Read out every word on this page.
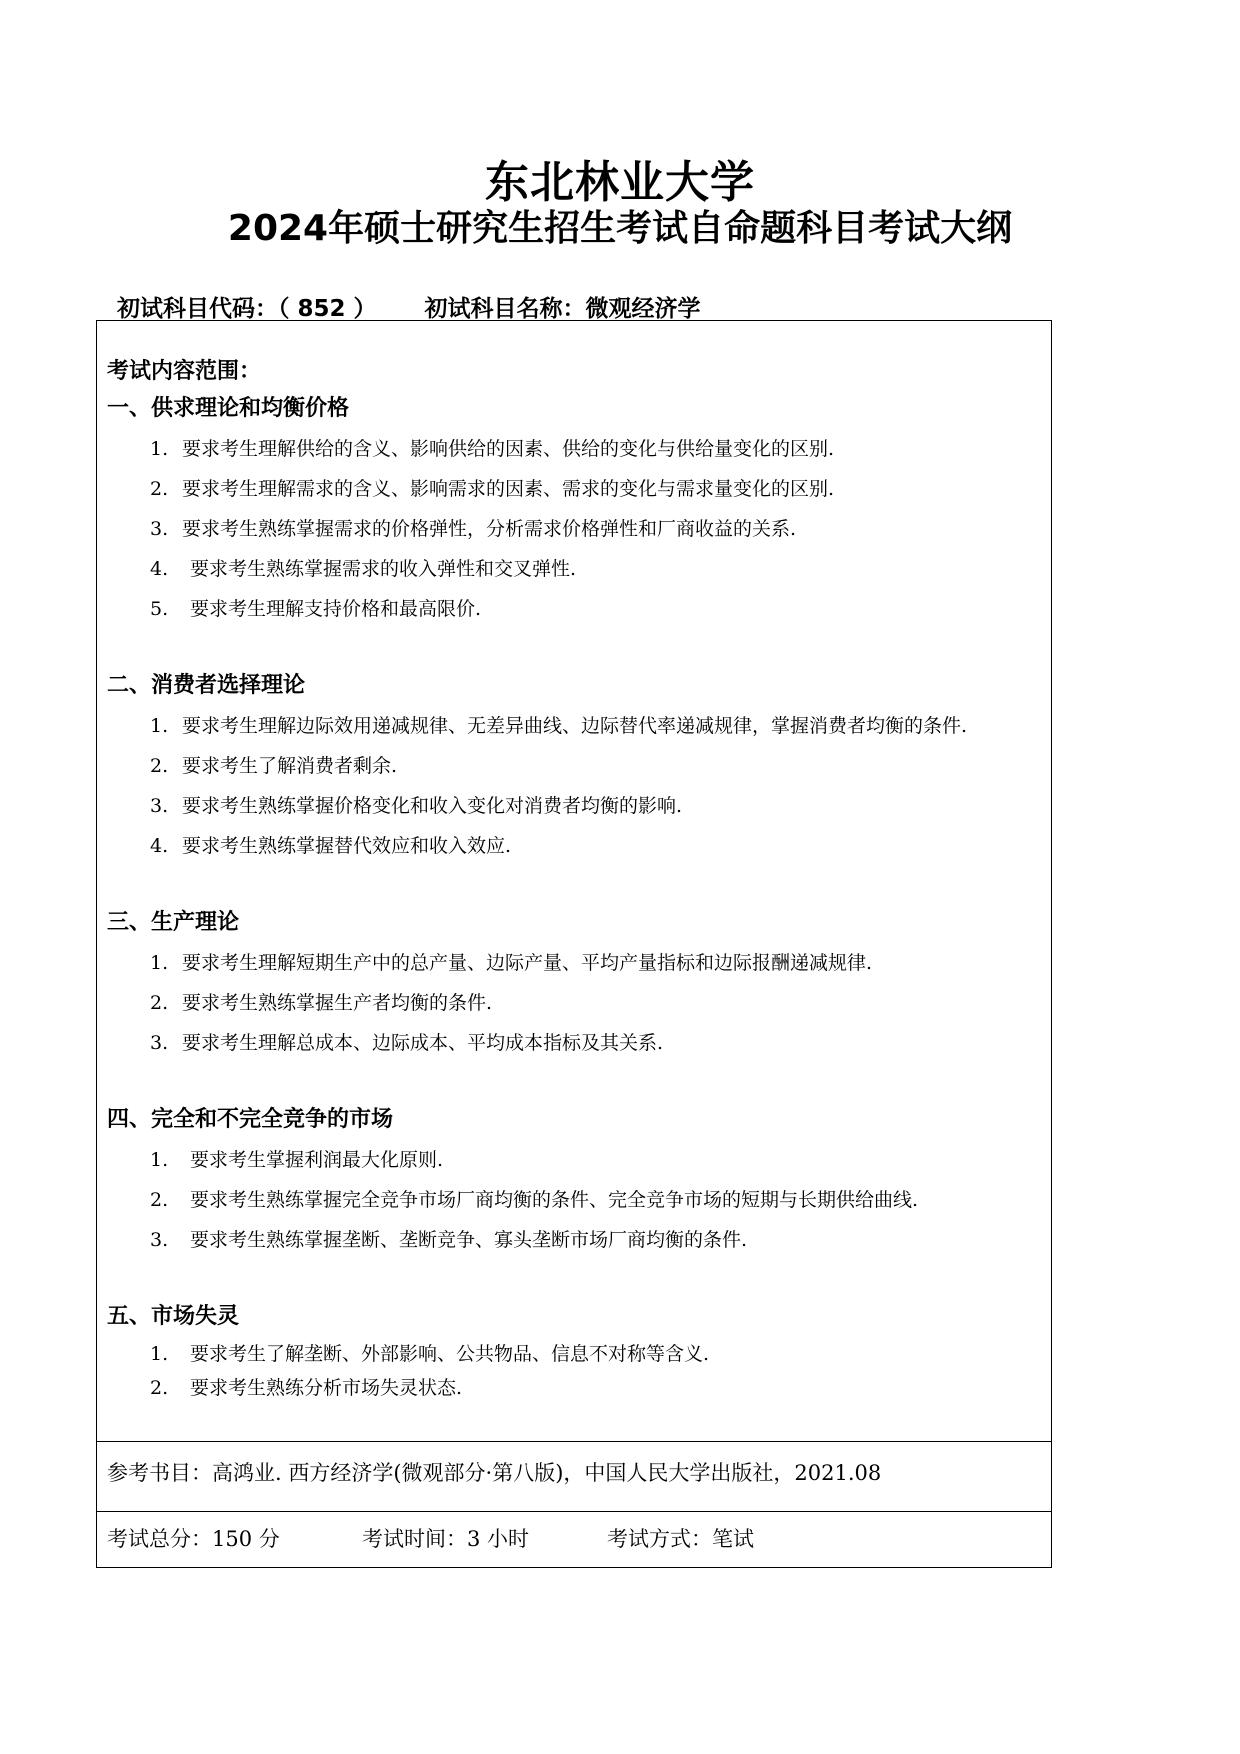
东北林业大学
2024年硕士研究生招生考试自命题科目考试大纲
初试科目代码：（ 852 ） 初试科目名称：微观经济学
考试内容范围：
一、供求理论和均衡价格
1. 要求考生理解供给的含义、影响供给的因素、供给的变化与供给量变化的区别.
2. 要求考生理解需求的含义、影响需求的因素、需求的变化与需求量变化的区别.
3. 要求考生熟练掌握需求的价格弹性，分析需求价格弹性和厂商收益的关系.
4. 要求考生熟练掌握需求的收入弹性和交叉弹性.
5. 要求考生理解支持价格和最高限价.
二、消费者选择理论
1. 要求考生理解边际效用递减规律、无差异曲线、边际替代率递减规律，掌握消费者均衡的条件.
2. 要求考生了解消费者剩余.
3. 要求考生熟练掌握价格变化和收入变化对消费者均衡的影响.
4. 要求考生熟练掌握替代效应和收入效应.
三、生产理论
1. 要求考生理解短期生产中的总产量、边际产量、平均产量指标和边际报酬递减规律.
2. 要求考生熟练掌握生产者均衡的条件.
3. 要求考生理解总成本、边际成本、平均成本指标及其关系.
四、完全和不完全竞争的市场
1. 要求考生掌握利润最大化原则.
2. 要求考生熟练掌握完全竞争市场厂商均衡的条件、完全竞争市场的短期与长期供给曲线.
3. 要求考生熟练掌握垄断、垄断竞争、寡头垄断市场厂商均衡的条件.
五、市场失灵
1. 要求考生了解垄断、外部影响、公共物品、信息不对称等含义.
2. 要求考生熟练分析市场失灵状态.
参考书目：高鸿业. 西方经济学(微观部分·第八版)，中国人民大学出版社，2021.08
考试总分：150 分	考试时间：3 小时	考试方式：笔试
